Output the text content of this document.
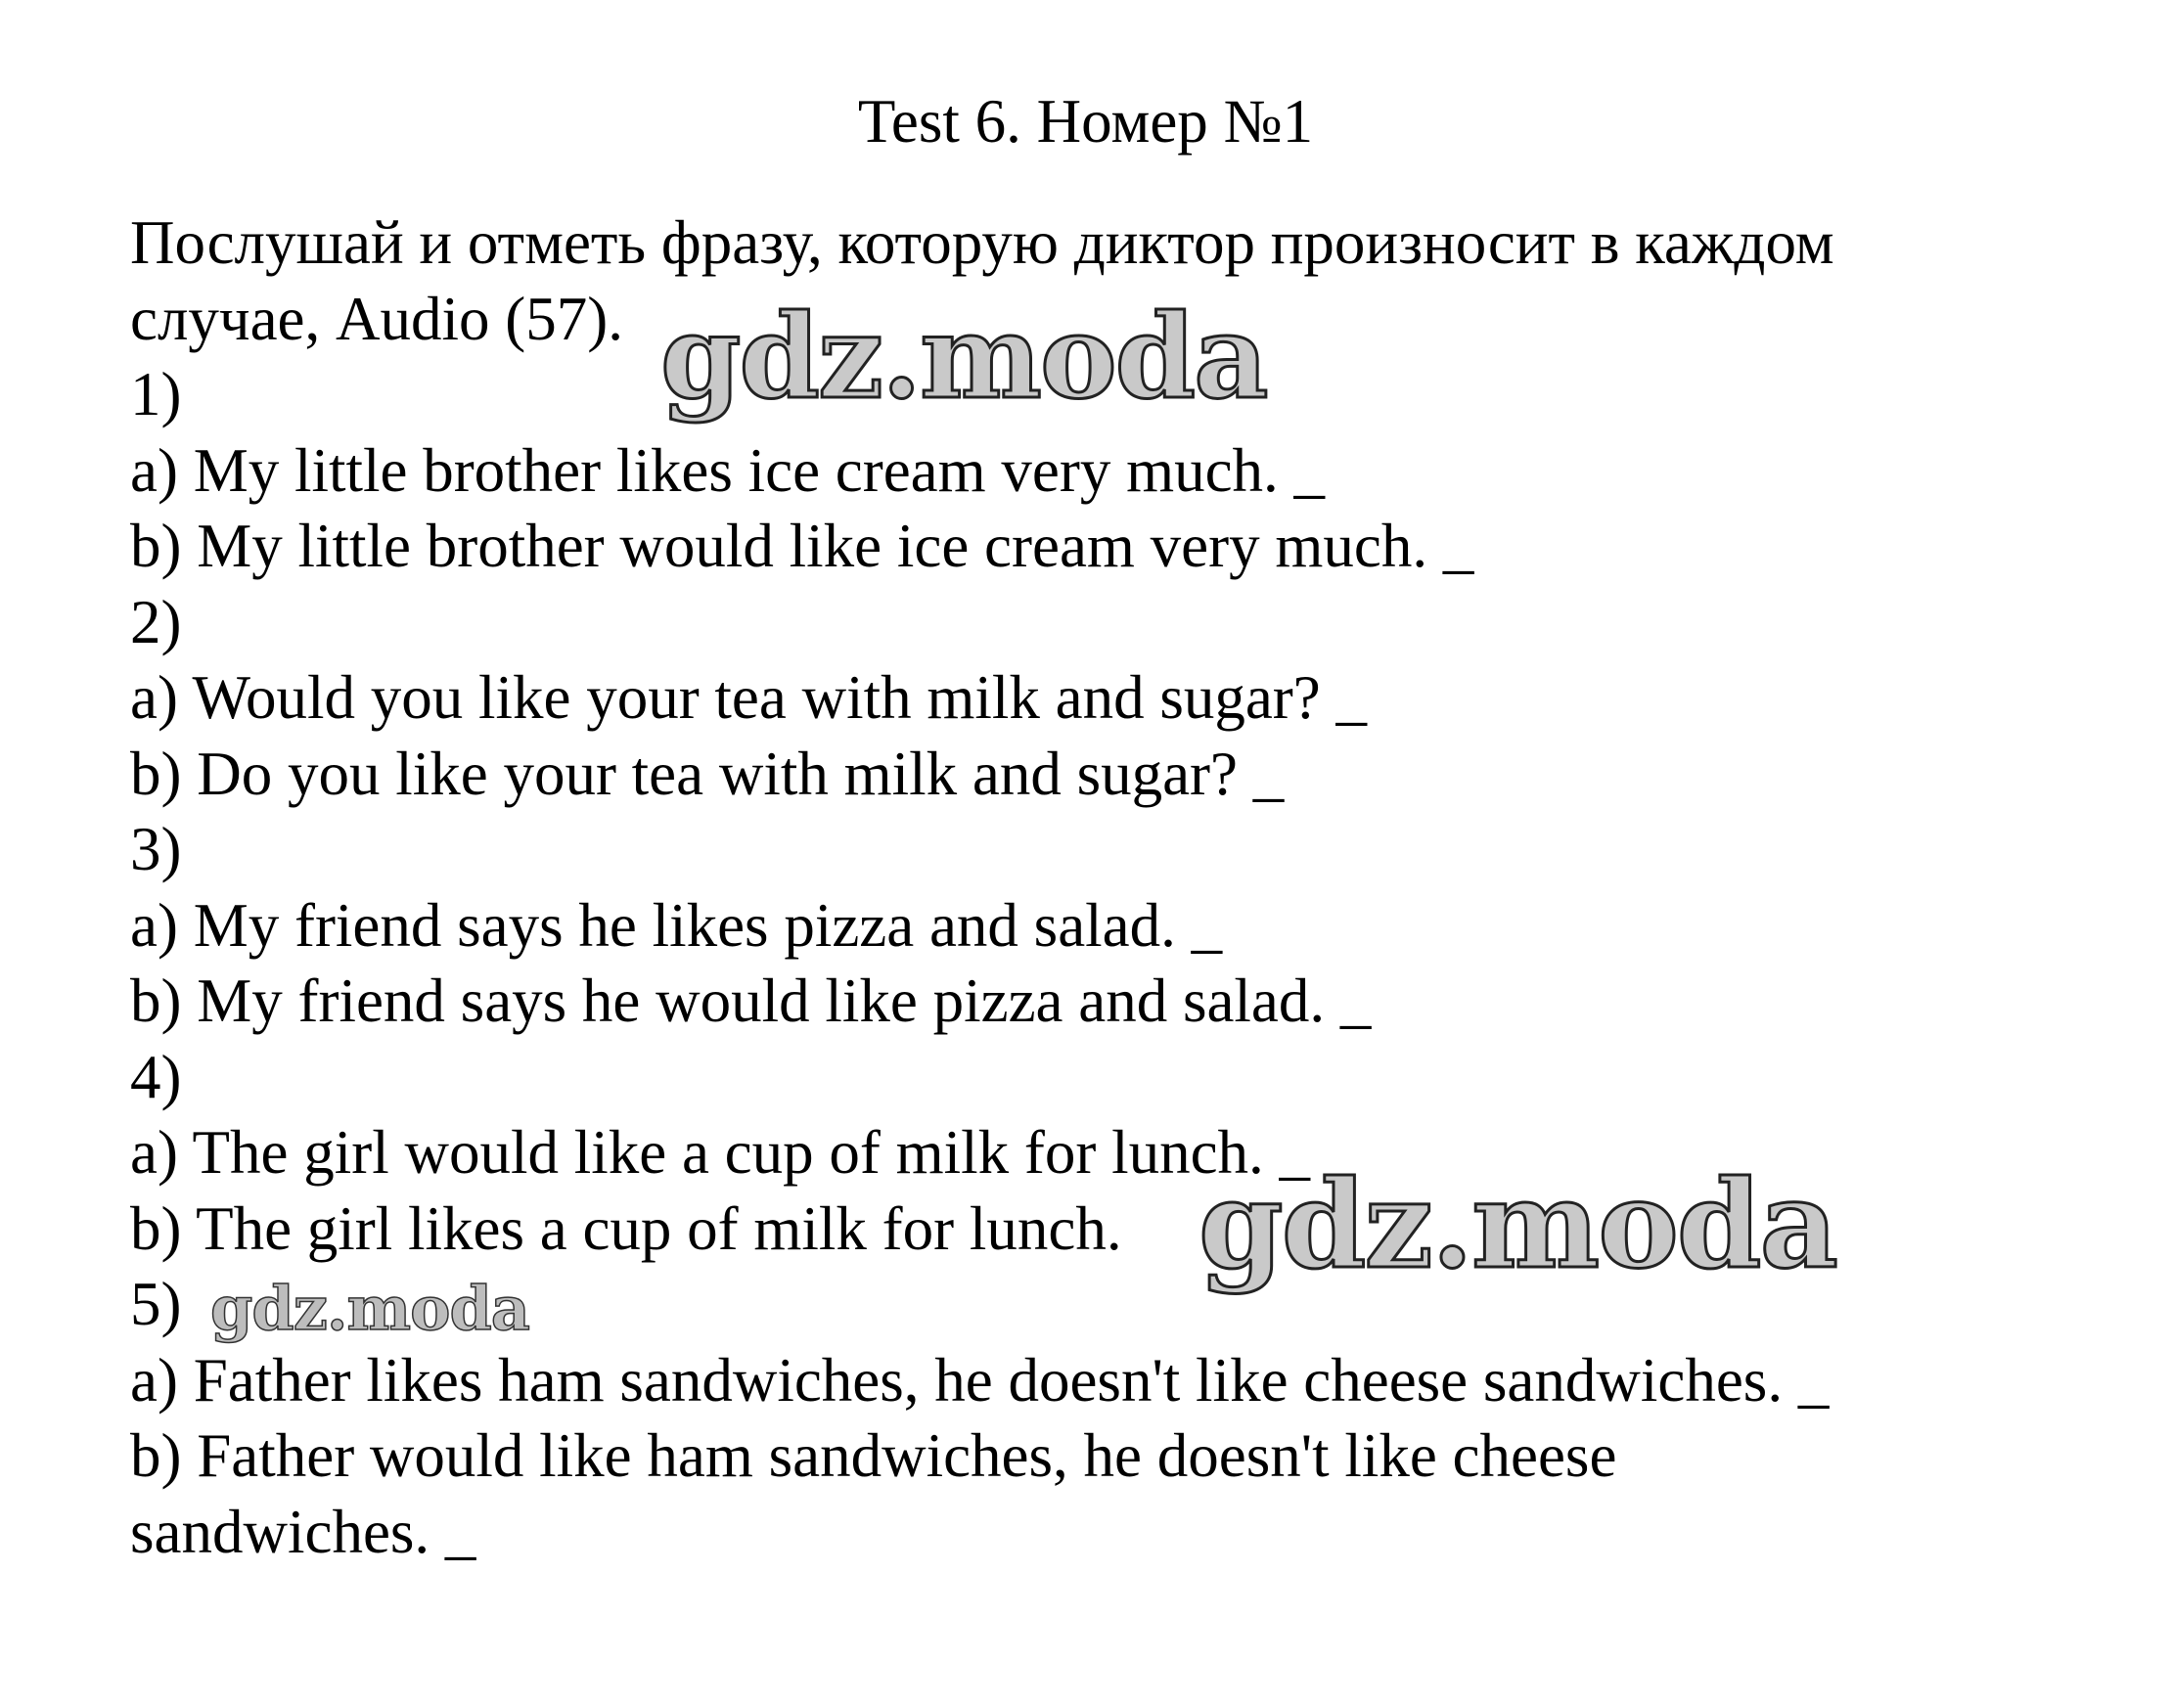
Test 6. Номер №1
Послушай и отметь фразу, которую диктор произносит в каждом
случае, Audio (57).
1)
a) My little brother likes ice cream very much. _
b) My little brother would like ice cream very much. _
2)
a) Would you like your tea with milk and sugar? _
b) Do you like your tea with milk and sugar? _
3)
a) My friend says he likes pizza and salad. _
b) My friend says he would like pizza and salad. _
4)
a) The girl would like a cup of milk for lunch. _
b) The girl likes a cup of milk for lunch.
5)
a) Father likes ham sandwiches, he doesn't like cheese sandwiches. _
b) Father would like ham sandwiches, he doesn't like cheese
sandwiches. _
gdz.moda
gdz.moda
gdz.moda
